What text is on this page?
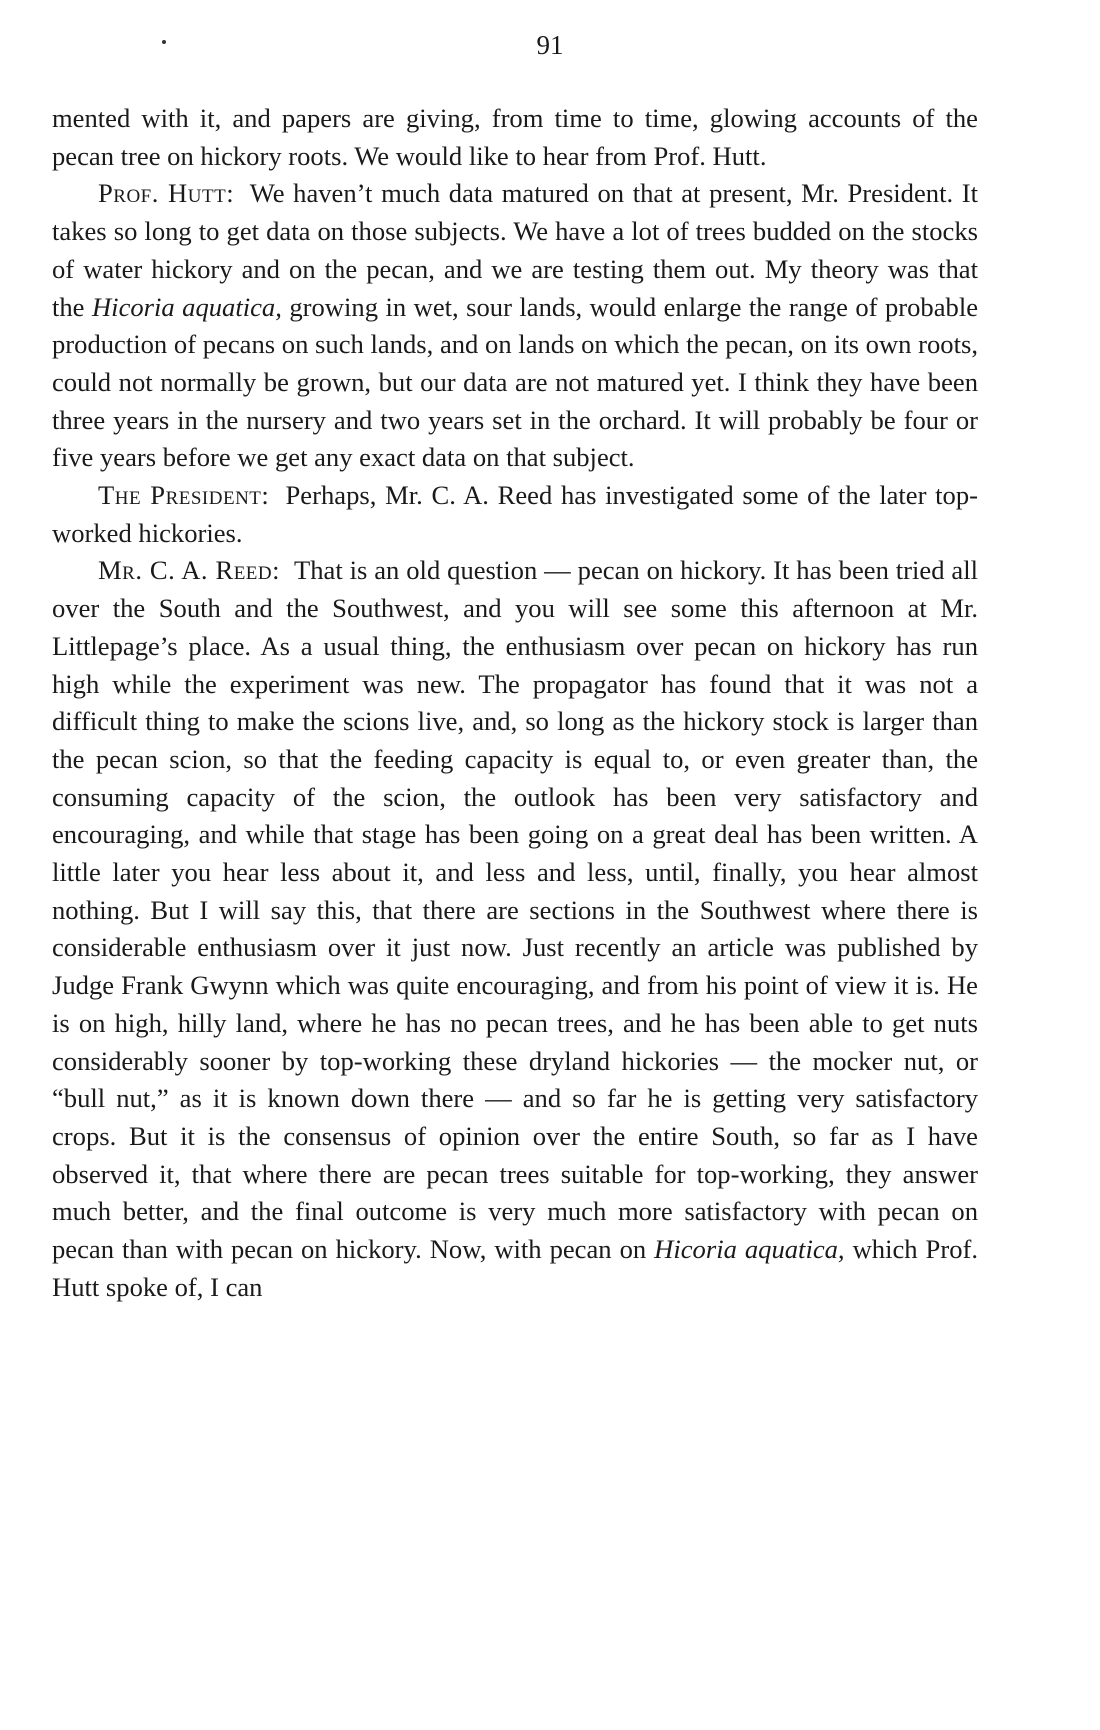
91

mented with it, and papers are giving, from time to time, glowing accounts of the pecan tree on hickory roots. We would like to hear from Prof. Hutt.

Prof. Hutt: We haven’t much data matured on that at present, Mr. President. It takes so long to get data on those subjects. We have a lot of trees budded on the stocks of water hickory and on the pecan, and we are testing them out. My theory was that the Hicoria aquatica, growing in wet, sour lands, would enlarge the range of probable production of pecans on such lands, and on lands on which the pecan, on its own roots, could not normally be grown, but our data are not matured yet. I think they have been three years in the nursery and two years set in the orchard. It will probably be four or five years before we get any exact data on that subject.

The President: Perhaps, Mr. C. A. Reed has investigated some of the later top-worked hickories.

Mr. C. A. Reed: That is an old question — pecan on hickory. It has been tried all over the South and the Southwest, and you will see some this afternoon at Mr. Littlepage’s place. As a usual thing, the enthusiasm over pecan on hickory has run high while the experiment was new. The propagator has found that it was not a difficult thing to make the scions live, and, so long as the hickory stock is larger than the pecan scion, so that the feeding capacity is equal to, or even greater than, the consuming capacity of the scion, the outlook has been very satisfactory and encouraging, and while that stage has been going on a great deal has been written. A little later you hear less about it, and less and less, until, finally, you hear almost nothing. But I will say this, that there are sections in the Southwest where there is considerable enthusiasm over it just now. Just recently an article was published by Judge Frank Gwynn which was quite encouraging, and from his point of view it is. He is on high, hilly land, where he has no pecan trees, and he has been able to get nuts considerably sooner by top-working these dryland hickories — the mocker nut, or “bull nut,” as it is known down there — and so far he is getting very satisfactory crops. But it is the consensus of opinion over the entire South, so far as I have observed it, that where there are pecan trees suitable for top-working, they answer much better, and the final outcome is very much more satisfactory with pecan on pecan than with pecan on hickory. Now, with pecan on Hicoria aquatica, which Prof. Hutt spoke of, I can
